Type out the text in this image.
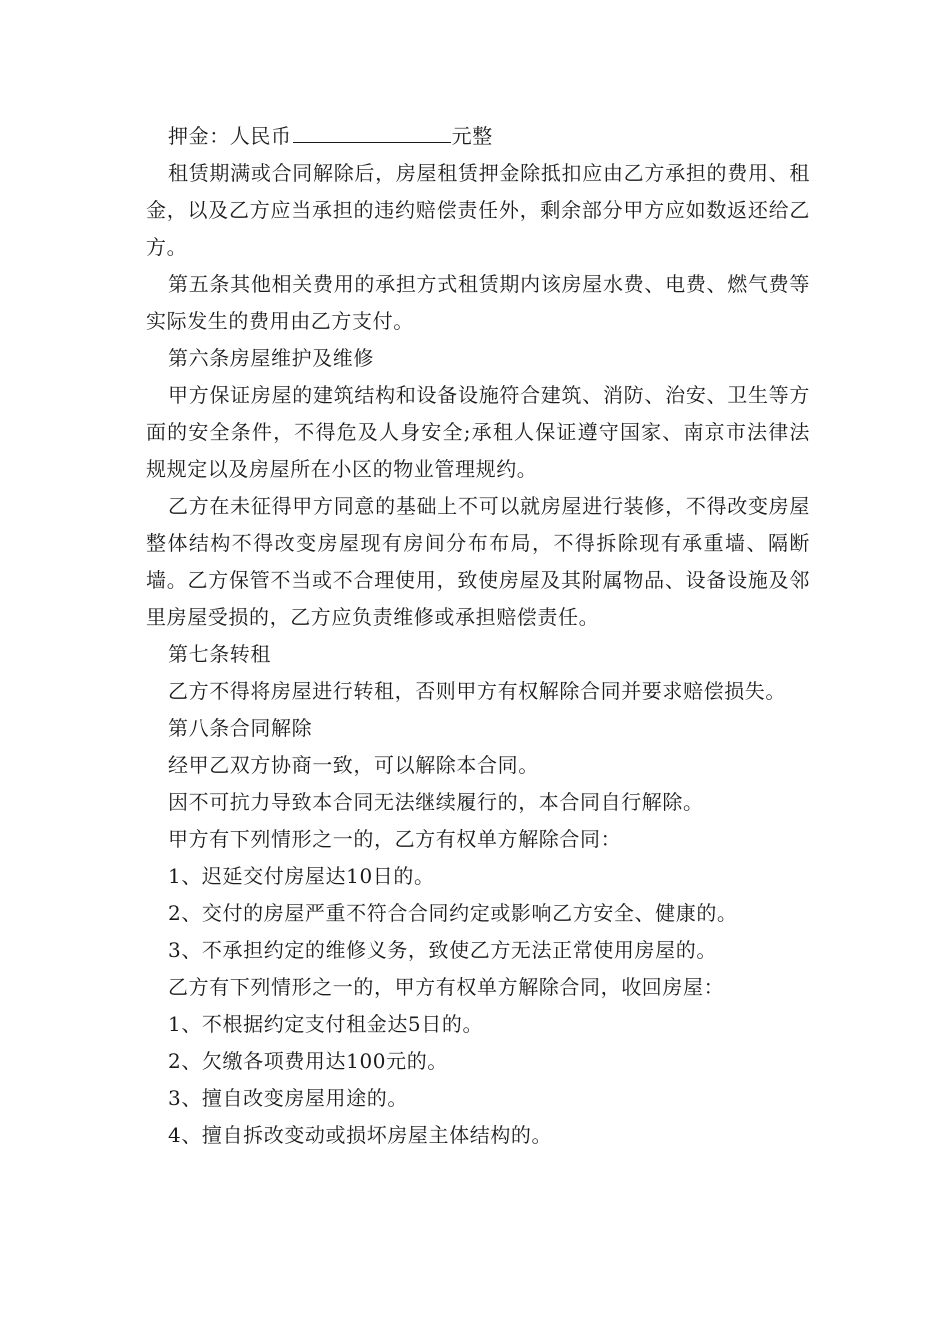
押金：人民币	元整

租赁期满或合同解除后，房屋租赁押金除抵扣应由乙方承担的费用、租金，以及乙方应当承担的违约赔偿责任外，剩余部分甲方应如数返还给乙方。

第五条其他相关费用的承担方式租赁期内该房屋水费、电费、燃气费等实际发生的费用由乙方支付。

第六条房屋维护及维修

甲方保证房屋的建筑结构和设备设施符合建筑、消防、治安、卫生等方面的安全条件，不得危及人身安全;承租人保证遵守国家、南京市法律法规规定以及房屋所在小区的物业管理规约。

乙方在未征得甲方同意的基础上不可以就房屋进行装修，不得改变房屋整体结构不得改变房屋现有房间分布布局，不得拆除现有承重墙、隔断墙。乙方保管不当或不合理使用，致使房屋及其附属物品、设备设施及邻里房屋受损的，乙方应负责维修或承担赔偿责任。

第七条转租

乙方不得将房屋进行转租，否则甲方有权解除合同并要求赔偿损失。

第八条合同解除

经甲乙双方协商一致，可以解除本合同。

因不可抗力导致本合同无法继续履行的，本合同自行解除。

甲方有下列情形之一的，乙方有权单方解除合同：

1、迟延交付房屋达10日的。

2、交付的房屋严重不符合合同约定或影响乙方安全、健康的。

3、不承担约定的维修义务，致使乙方无法正常使用房屋的。

乙方有下列情形之一的，甲方有权单方解除合同，收回房屋：

1、不根据约定支付租金达5日的。

2、欠缴各项费用达100元的。

3、擅自改变房屋用途的。

4、擅自拆改变动或损坏房屋主体结构的。
